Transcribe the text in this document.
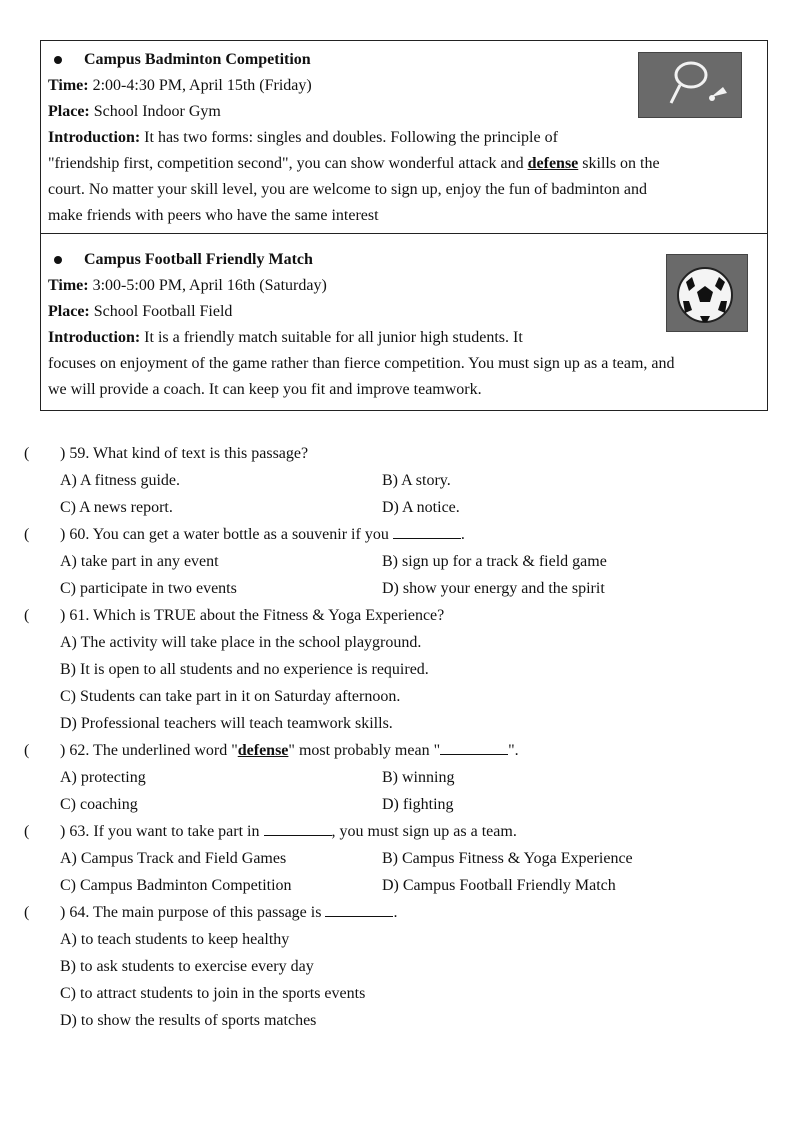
Campus Badminton Competition
Time: 2:00-4:30 PM, April 15th (Friday)
Place: School Indoor Gym
Introduction: It has two forms: singles and doubles. Following the principle of
"friendship first, competition second", you can show wonderful attack and defense skills on the
court. No matter your skill level, you are welcome to sign up, enjoy the fun of badminton and
make friends with peers who have the same interest
Campus Football Friendly Match
Time: 3:00-5:00 PM, April 16th (Saturday)
Place: School Football Field
Introduction: It is a friendly match suitable for all junior high students. It
focuses on enjoyment of the game rather than fierce competition. You must sign up as a team, and
we will provide a coach. It can keep you fit and improve teamwork.
( ) 59. What kind of text is this passage?
A) A fitness guide.	B) A story.
C) A news report.	D) A notice.
( ) 60. You can get a water bottle as a souvenir if you	.
A) take part in any event	B) sign up for a track & field game
C) participate in two events	D) show your energy and the spirit
( ) 61. Which is TRUE about the Fitness & Yoga Experience?
A) The activity will take place in the school playground.
B) It is open to all students and no experience is required.
C) Students can take part in it on Saturday afternoon.
D) Professional teachers will teach teamwork skills.
( ) 62. The underlined word "defense" most probably mean "	".
A) protecting	B) winning
C) coaching	D) fighting
( ) 63. If you want to take part in	, you must sign up as a team.
A) Campus Track and Field Games	B) Campus Fitness & Yoga Experience
C) Campus Badminton Competition	D) Campus Football Friendly Match
( ) 64. The main purpose of this passage is	.
A) to teach students to keep healthy
B) to ask students to exercise every day
C) to attract students to join in the sports events
D) to show the results of sports matches
